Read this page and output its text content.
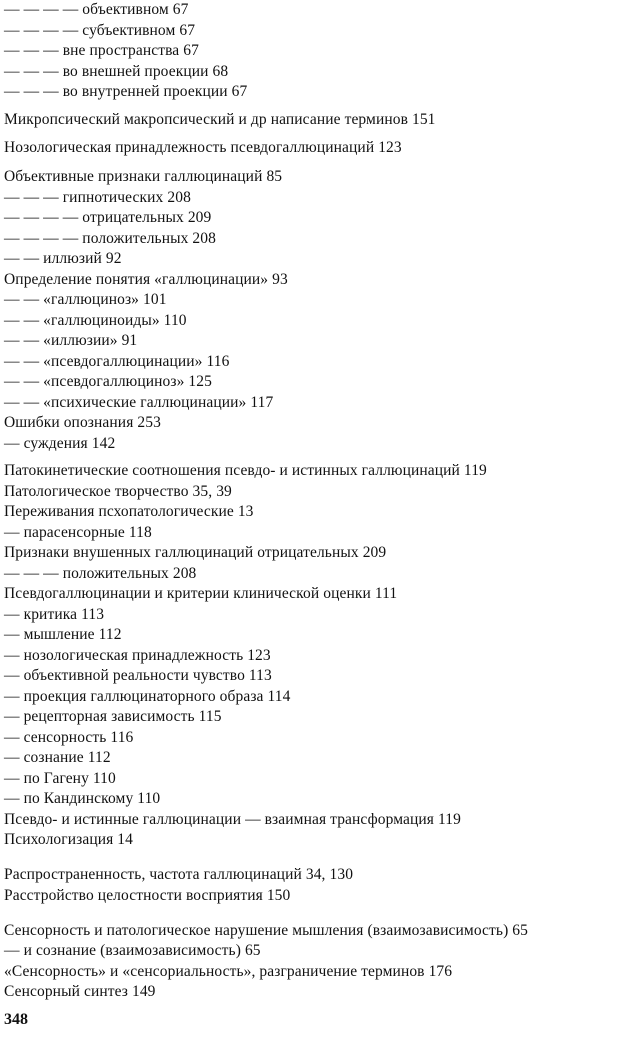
— — — — объективном 67
— — — — субъективном 67
— — — вне пространства 67
— — — во внешней проекции 68
— — — во внутренней проекции 67
Микропсический макропсический и др написание терминов 151
Нозологическая принадлежность псевдогаллюцинаций 123
Объективные признаки галлюцинаций 85
— — — гипнотических 208
— — — — отрицательных 209
— — — — положительных 208
— — иллюзий 92
Определение понятия «галлюцинации» 93
— — «галлюциноз» 101
— — «галлюциноиды» 110
— — «иллюзии» 91
— — «псевдогаллюцинации» 116
— — «псевдогаллюциноз» 125
— — «психические галлюцинации» 117
Ошибки опознания 253
— суждения 142
Патокинетические соотношения псевдо- и истинных галлюцинаций 119
Патологическое творчество 35, 39
Переживания псхопатологические 13
— парасенсорные 118
Признаки внушенных галлюцинаций отрицательных 209
— — — положительных 208
Псевдогаллюцинации и критерии клинической оценки 111
— критика 113
— мышление 112
— нозологическая принадлежность 123
— объективной реальности чувство 113
— проекция галлюцинаторного образа 114
— рецепторная зависимость 115
— сенсорность 116
— сознание 112
— по Гагену 110
— по Кандинскому 110
Псевдо- и истинные галлюцинации — взаимная трансформация 119
Психологизация 14
Распространенность, частота галлюцинаций 34, 130
Расстройство целостности восприятия 150
Сенсорность и патологическое нарушение мышления (взаимозависимость) 65
— и сознание (взаимозависимость) 65
«Сенсорность» и «сенсориальность», разграничение терминов 176
Сенсорный синтез 149
348
